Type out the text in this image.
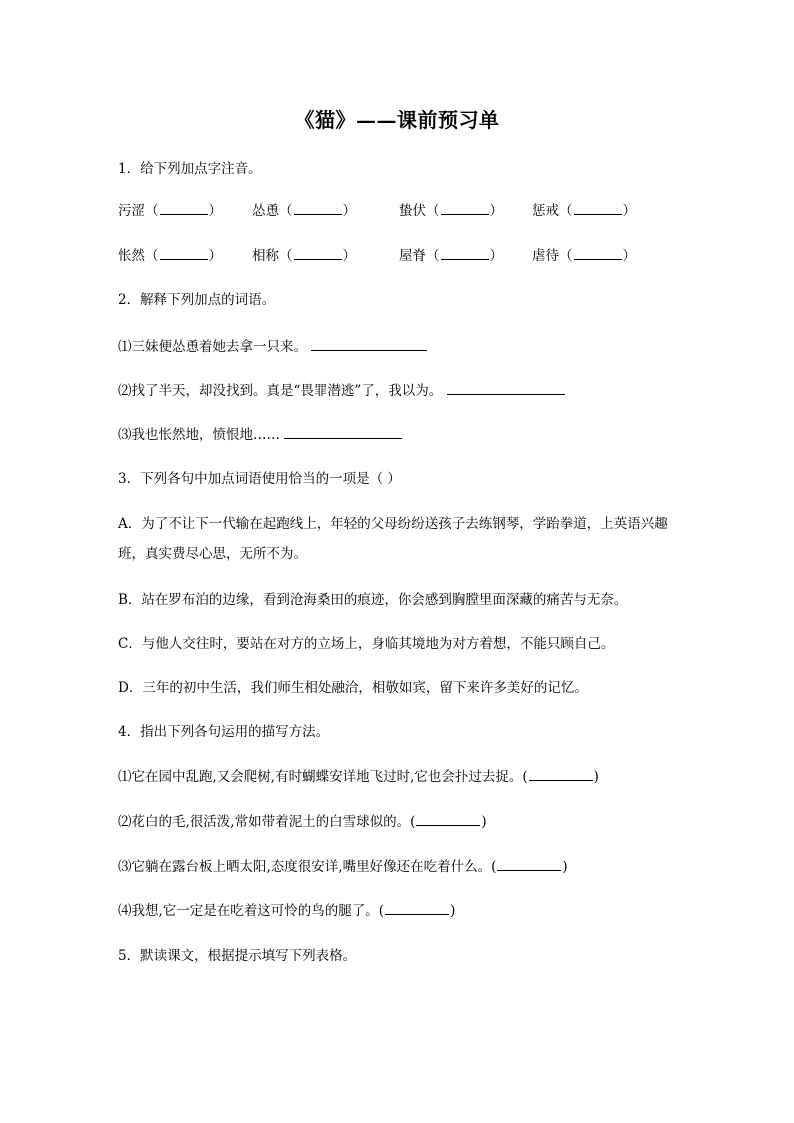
《猫》——课前预习单
1．给下列加点字注音。
污涩（	） 怂恿（	）	蛰伏（	） 惩戒（	）
怅然（	） 相称（	）	屋脊（	） 虐待（	）
2．解释下列加点的词语。
⑴三妹便怂恿着她去拿一只来。
⑵找了半天，却没找到。真是“畏罪潜逃”了，我以为。
⑶我也怅然地，愤恨地……
3．下列各句中加点词语使用恰当的一项是（ ）
A．为了不让下一代输在起跑线上，年轻的父母纷纷送孩子去练钢琴，学跆拳道，上英语兴趣班，真实费尽心思，无所不为。
B．站在罗布泊的边缘，看到沧海桑田的痕迹，你会感到胸膛里面深藏的痛苦与无奈。
C．与他人交往时，要站在对方的立场上，身临其境地为对方着想，不能只顾自己。
D．三年的初中生活，我们师生相处融洽，相敬如宾，留下来许多美好的记忆。
4．指出下列各句运用的描写方法。
⑴它在园中乱跑,又会爬树,有时蝴蝶安详地飞过时,它也会扑过去捉。(	)
⑵花白的毛,很活泼,常如带着泥土的白雪球似的。(	)
⑶它躺在露台板上晒太阳,态度很安详,嘴里好像还在吃着什么。(	)
⑷我想,它一定是在吃着这可怜的鸟的腿了。(	)
5．默读课文，根据提示填写下列表格。
